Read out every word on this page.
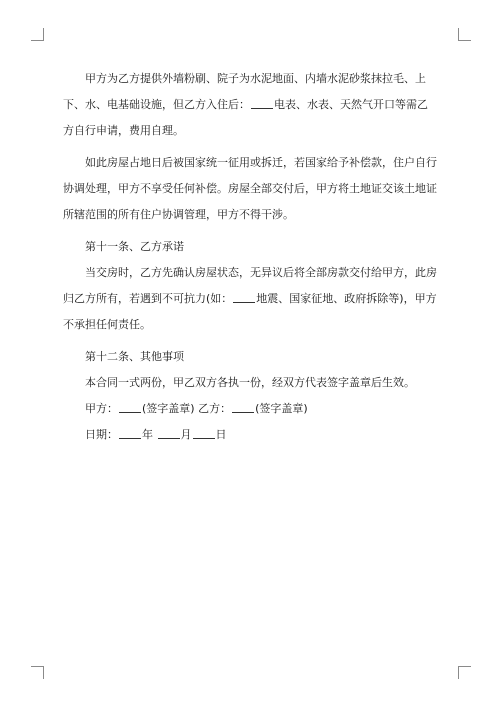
甲方为乙方提供外墙粉刷、院子为水泥地面、内墙水泥砂浆抹拉毛、上下、水、电基础设施，但乙方入住后： 电表、水表、天然气开口等需乙方自行申请，费用自理。

如此房屋占地日后被国家统一征用或拆迁，若国家给予补偿款，住户自行协调处理，甲方不享受任何补偿。房屋全部交付后，甲方将土地证交该土地证所辖范围的所有住户协调管理，甲方不得干涉。

第十一条、乙方承诺

当交房时，乙方先确认房屋状态，无异议后将全部房款交付给甲方，此房归乙方所有，若遇到不可抗力(如： 地震、国家征地、政府拆除等)，甲方不承担任何责任。

第十二条、其他事项

本合同一式两份，甲乙双方各执一份，经双方代表签字盖章后生效。

甲方： (签字盖章) 乙方： (签字盖章)

日期： 年	月 日
